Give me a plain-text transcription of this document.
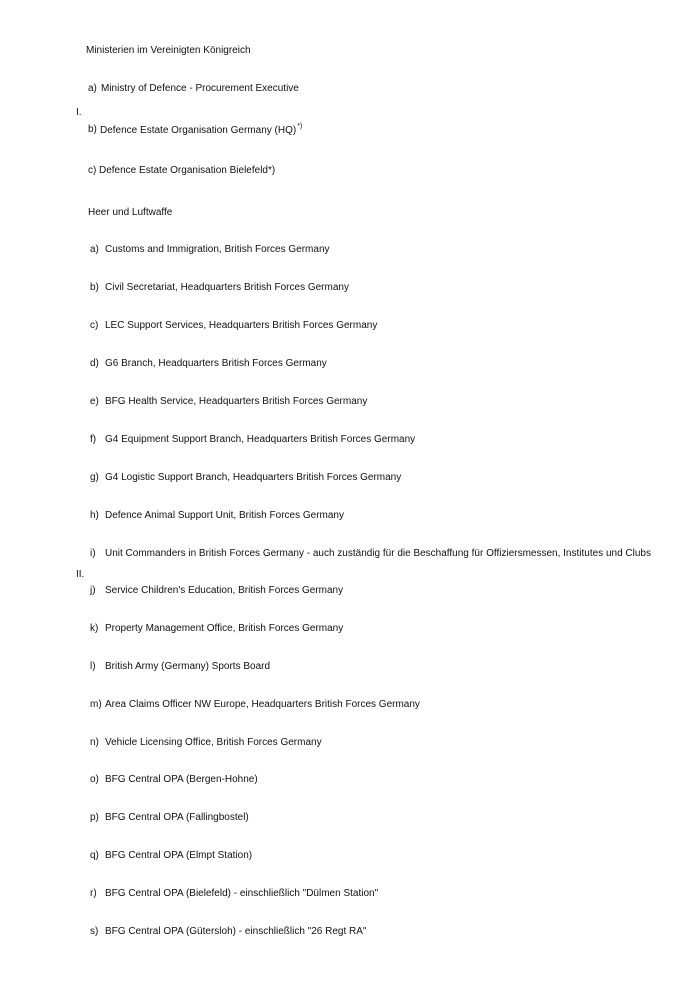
Ministerien im Vereinigten Königreich
I.
a) Ministry of Defence - Procurement Executive
b) Defence Estate Organisation Germany (HQ)*)
c) Defence Estate Organisation Bielefeld*)
Heer und Luftwaffe
II.
a) Customs and Immigration, British Forces Germany
b) Civil Secretariat, Headquarters British Forces Germany
c) LEC Support Services, Headquarters British Forces Germany
d) G6 Branch, Headquarters British Forces Germany
e) BFG Health Service, Headquarters British Forces Germany
f) G4 Equipment Support Branch, Headquarters British Forces Germany
g) G4 Logistic Support Branch, Headquarters British Forces Germany
h) Defence Animal Support Unit, British Forces Germany
i) Unit Commanders in British Forces Germany - auch zuständig für die Beschaffung für Offiziersmessen, Institutes und Clubs
j) Service Children's Education, British Forces Germany
k) Property Management Office, British Forces Germany
l) British Army (Germany) Sports Board
m) Area Claims Officer NW Europe, Headquarters British Forces Germany
n) Vehicle Licensing Office, British Forces Germany
o) BFG Central OPA (Bergen-Hohne)
p) BFG Central OPA (Fallingbostel)
q) BFG Central OPA (Elmpt Station)
r) BFG Central OPA (Bielefeld) - einschließlich "Dülmen Station"
s) BFG Central OPA (Gütersloh) - einschließlich "26 Regt RA"
